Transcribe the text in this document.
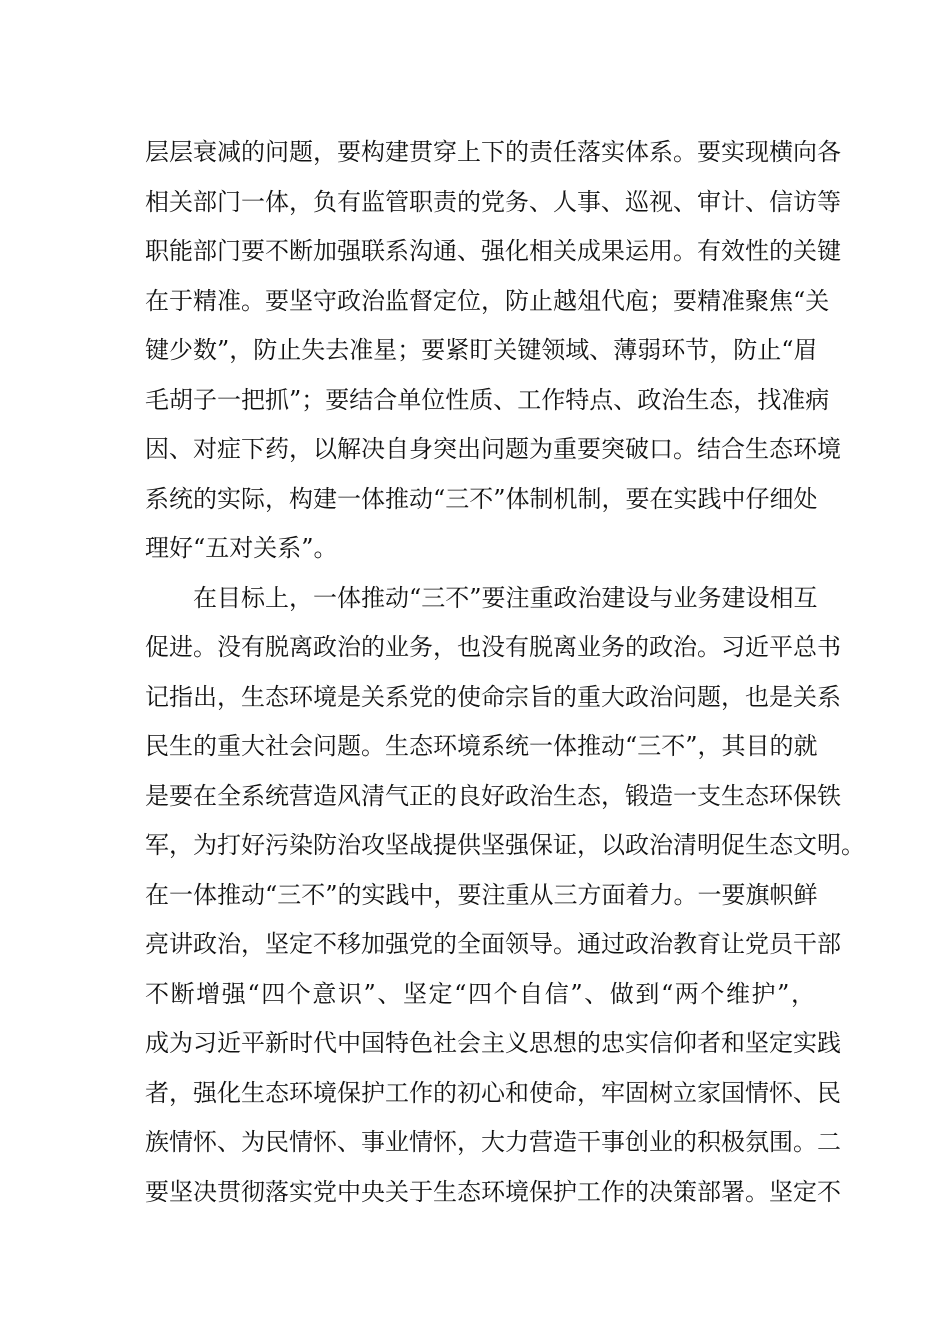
层层衰减的问题，要构建贯穿上下的责任落实体系。要实现横向各
相关部门一体，负有监管职责的党务、人事、巡视、审计、信访等
职能部门要不断加强联系沟通、强化相关成果运用。有效性的关键
在于精准。要坚守政治监督定位，防止越俎代庖；要精准聚焦“关
键少数”，防止失去准星；要紧盯关键领域、薄弱环节，防止“眉
毛胡子一把抓”；要结合单位性质、工作特点、政治生态，找准病
因、对症下药，以解决自身突出问题为重要突破口。结合生态环境
系统的实际，构建一体推动“三不”体制机制，要在实践中仔细处
理好“五对关系”。
在目标上，一体推动“三不”要注重政治建设与业务建设相互
促进。没有脱离政治的业务，也没有脱离业务的政治。习近平总书
记指出，生态环境是关系党的使命宗旨的重大政治问题，也是关系
民生的重大社会问题。生态环境系统一体推动“三不”，其目的就
是要在全系统营造风清气正的良好政治生态，锻造一支生态环保铁
军，为打好污染防治攻坚战提供坚强保证，以政治清明促生态文明。
在一体推动“三不”的实践中，要注重从三方面着力。一要旗帜鲜
亮讲政治，坚定不移加强党的全面领导。通过政治教育让党员干部
不断增强“四个意识”、坚定“四个自信”、做到“两个维护”，
成为习近平新时代中国特色社会主义思想的忠实信仰者和坚定实践
者，强化生态环境保护工作的初心和使命，牢固树立家国情怀、民
族情怀、为民情怀、事业情怀，大力营造干事创业的积极氛围。二
要坚决贯彻落实党中央关于生态环境保护工作的决策部署。坚定不
